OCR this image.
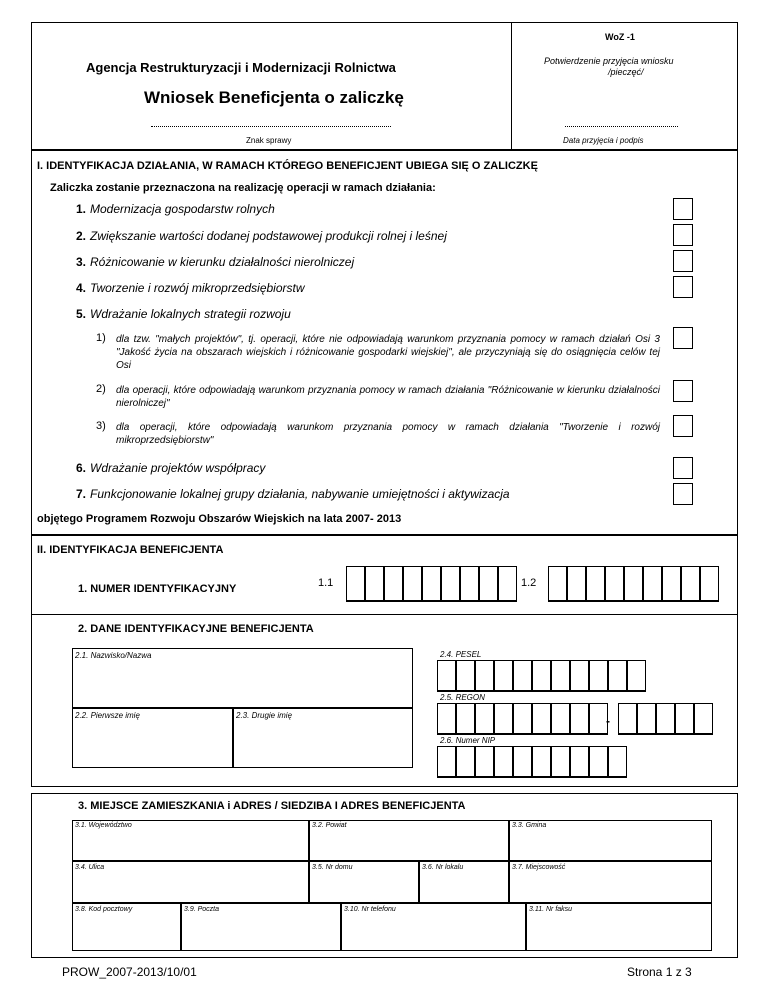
WoZ -1
Agencja Restrukturyzacji i Modernizacji Rolnictwa
Wniosek Beneficjenta o zaliczkę
Potwierdzenie przyjęcia wniosku
/pieczęć/
Znak sprawy	Data przyjęcia i podpis
I. IDENTYFIKACJA DZIAŁANIA, W RAMACH KTÓREGO BENEFICJENT UBIEGA SIĘ O ZALICZKĘ
Zaliczka zostanie przeznaczona na realizację operacji w ramach działania:
1. Modernizacja gospodarstw rolnych
2. Zwiększanie wartości dodanej podstawowej produkcji rolnej i leśnej
3. Różnicowanie w kierunku działalności nierolniczej
4. Tworzenie i rozwój mikroprzedsiębiorstw
5. Wdrażanie lokalnych strategii rozwoju
1) dla tzw. "małych projektów", tj. operacji, które nie odpowiadają warunkom przyznania pomocy w ramach działań Osi 3 "Jakość życia na obszarach wiejskich i różnicowanie gospodarki wiejskiej", ale przyczyniają się do osiągnięcia celów tej Osi
2) dla operacji, które odpowiadają warunkom przyznania pomocy w ramach działania "Różnicowanie w kierunku działalności nierolniczej"
3) dla operacji, które odpowiadają warunkom przyznania pomocy w ramach działania "Tworzenie i rozwój mikroprzedsiębiorstw"
6. Wdrażanie projektów współpracy
7. Funkcjonowanie lokalnej grupy działania, nabywanie umiejętności i aktywizacja
objętego Programem Rozwoju Obszarów Wiejskich na lata 2007- 2013
II. IDENTYFIKACJA BENEFICJENTA
1. NUMER IDENTYFIKACYJNY	1.1	1.2
2. DANE IDENTYFIKACYJNE BENEFICJENTA
2.1. Nazwisko/Nazwa
2.2. Pierwsze imię	2.3. Drugie imię
2.4. PESEL
2.5. REGON
-
2.6. Numer NIP
3. MIEJSCE ZAMIESZKANIA i ADRES / SIEDZIBA I ADRES BENEFICJENTA
3.1. Województwo	3.2. Powiat	3.3. Gmina
3.4. Ulica	3.5. Nr domu	3.6. Nr lokalu	3.7. Miejscowość
3.8. Kod pocztowy	3.9. Poczta	3.10. Nr telefonu	3.11. Nr faksu
PROW_2007-2013/10/01	Strona 1 z 3
